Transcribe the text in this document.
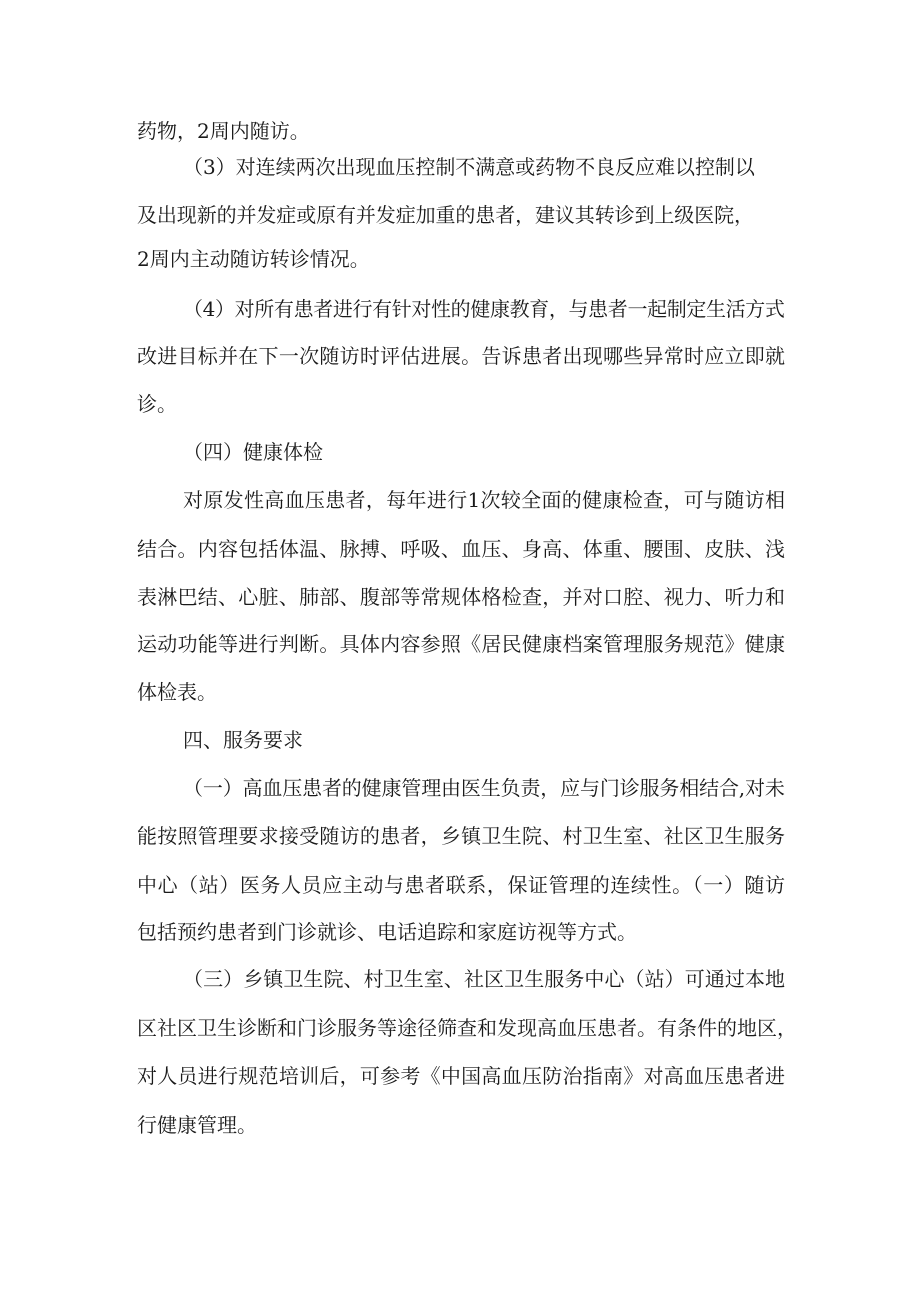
药物，2周内随访。
（3）对连续两次出现血压控制不满意或药物不良反应难以控制以
及出现新的并发症或原有并发症加重的患者，建议其转诊到上级医院，
2周内主动随访转诊情况。
（4）对所有患者进行有针对性的健康教育，与患者一起制定生活方式
改进目标并在下一次随访时评估进展。告诉患者出现哪些异常时应立即就
诊。
（四）健康体检
对原发性高血压患者，每年进行1次较全面的健康检查，可与随访相
结合。内容包括体温、脉搏、呼吸、血压、身高、体重、腰围、皮肤、浅
表淋巴结、心脏、肺部、腹部等常规体格检查，并对口腔、视力、听力和
运动功能等进行判断。具体内容参照《居民健康档案管理服务规范》健康
体检表。
四、服务要求
（一）高血压患者的健康管理由医生负责，应与门诊服务相结合,对未
能按照管理要求接受随访的患者，乡镇卫生院、村卫生室、社区卫生服务
中心（站）医务人员应主动与患者联系，保证管理的连续性。（一）随访
包括预约患者到门诊就诊、电话追踪和家庭访视等方式。
（三）乡镇卫生院、村卫生室、社区卫生服务中心（站）可通过本地
区社区卫生诊断和门诊服务等途径筛查和发现高血压患者。有条件的地区，
对人员进行规范培训后，可参考《中国高血压防治指南》对高血压患者进
行健康管理。
